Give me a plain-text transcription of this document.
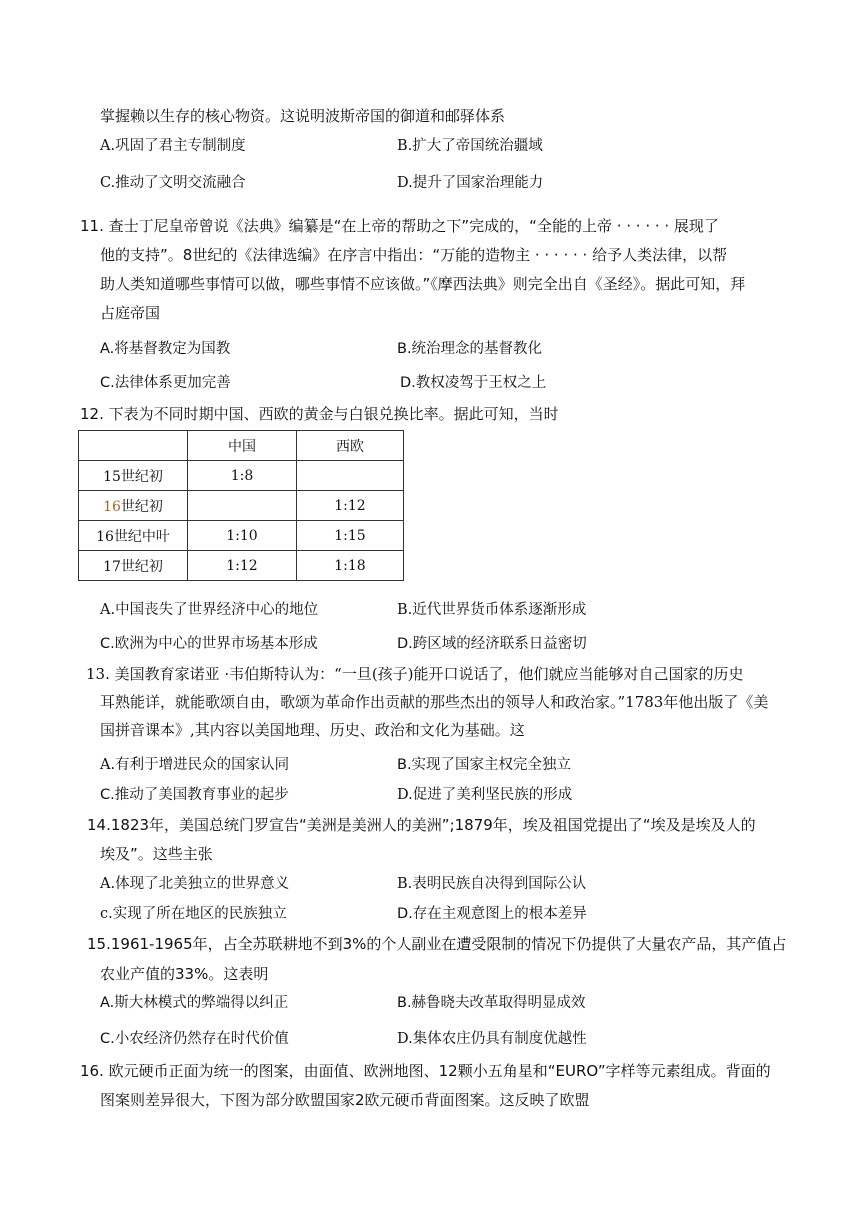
掌握赖以生存的核心物资。这说明波斯帝国的御道和邮驿体系
A.巩固了君主专制制度	B.扩大了帝国统治疆域
C.推动了文明交流融合	D.提升了国家治理能力
11. 查士丁尼皇帝曾说《法典》编纂是“在上帝的帮助之下”完成的，“全能的上帝 · · · · · · 展现了
他的支持”。8世纪的《法律选编》在序言中指出：“万能的造物主 · · · · · · 给予人类法律，以帮
助人类知道哪些事情可以做，哪些事情不应该做。”《摩西法典》则完全出自《圣经》。据此可知，拜
占庭帝国
A.将基督教定为国教	B.统治理念的基督教化
C.法律体系更加完善	D.教权凌驾于王权之上
12. 下表为不同时期中国、西欧的黄金与白银兑换比率。据此可知，当时
	中国	西欧
15世纪初	1:8	
16世纪初		1:12
16世纪中叶	1:10	1:15
17世纪初	1:12	1:18
A.中国丧失了世界经济中心的地位	B.近代世界货币体系逐渐形成
C.欧洲为中心的世界市场基本形成	D.跨区域的经济联系日益密切
13. 美国教育家诺亚 ·韦伯斯特认为：“一旦(孩子)能开口说话了，他们就应当能够对自己国家的历史
耳熟能详，就能歌颂自由，歌颂为革命作出贡献的那些杰出的领导人和政治家。”1783年他出版了《美
国拼音课本》,其内容以美国地理、历史、政治和文化为基础。这
A.有利于增进民众的国家认同	B.实现了国家主权完全独立
C.推动了美国教育事业的起步	D.促进了美利坚民族的形成
14.1823年，美国总统门罗宣告“美洲是美洲人的美洲”;1879年，埃及祖国党提出了“埃及是埃及人的
埃及”。这些主张
A.体现了北美独立的世界意义	B.表明民族自决得到国际公认
c.实现了所在地区的民族独立	D.存在主观意图上的根本差异
15.1961-1965年，占全苏联耕地不到3%的个人副业在遭受限制的情况下仍提供了大量农产品，其产值占
农业产值的33%。这表明
A.斯大林模式的弊端得以纠正	B.赫鲁晓夫改革取得明显成效
C.小农经济仍然存在时代价值	D.集体农庄仍具有制度优越性
16. 欧元硬币正面为统一的图案，由面值、欧洲地图、12颗小五角星和“EURO”字样等元素组成。背面的
图案则差异很大，下图为部分欧盟国家2欧元硬币背面图案。这反映了欧盟
